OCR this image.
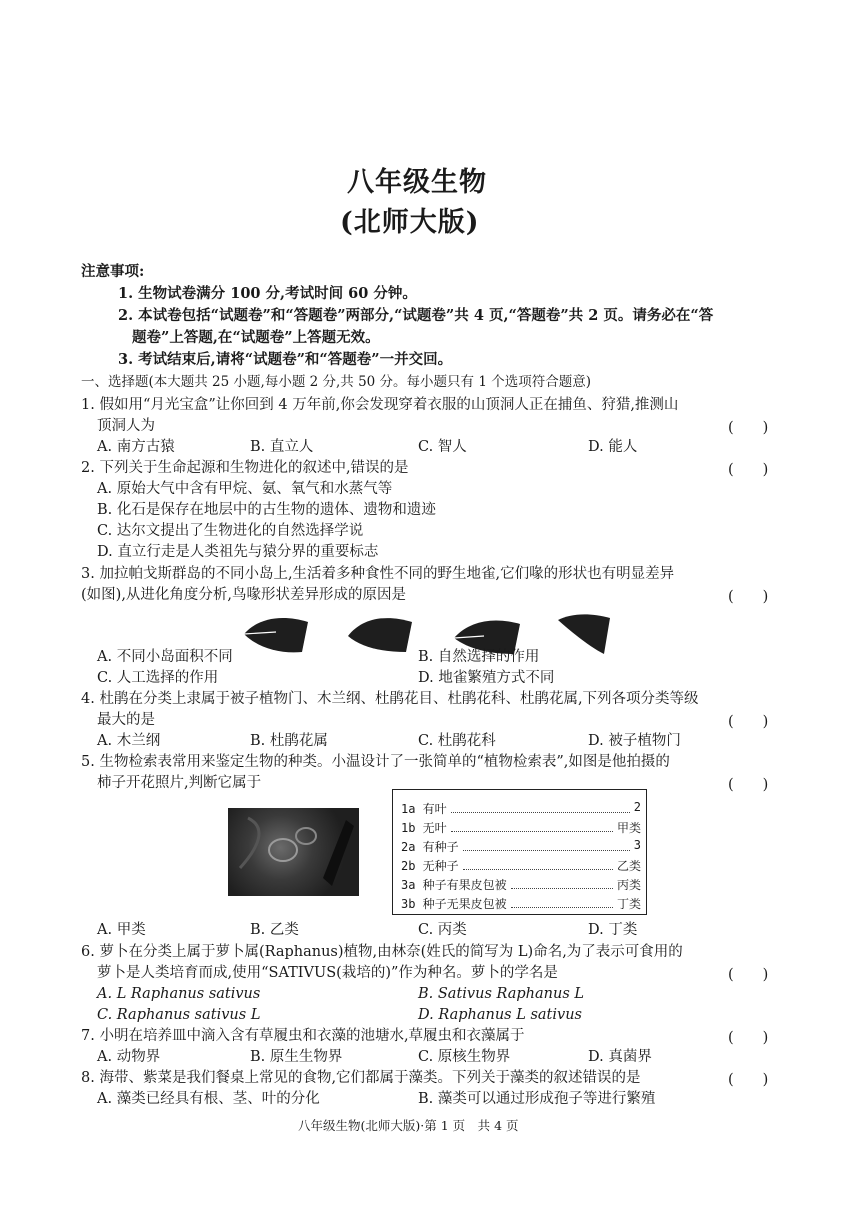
八年级生物
(北师大版)
注意事项:
1. 生物试卷满分 100 分,考试时间 60 分钟。
2. 本试卷包括“试题卷”和“答题卷”两部分,“试题卷”共 4 页,“答题卷”共 2 页。请务必在“答
题卷”上答题,在“试题卷”上答题无效。
3. 考试结束后,请将“试题卷”和“答题卷”一并交回。
一、选择题(本大题共 25 小题,每小题 2 分,共 50 分。每小题只有 1 个选项符合题意)
1. 假如用“月光宝盒”让你回到 4 万年前,你会发现穿着衣服的山顶洞人正在捕鱼、狩猎,推测山
顶洞人为	(　　)
A. 南方古猿	B. 直立人	C. 智人	D. 能人
2. 下列关于生命起源和生物进化的叙述中,错误的是	(　　)
A. 原始大气中含有甲烷、氨、氧气和水蒸气等
B. 化石是保存在地层中的古生物的遗体、遗物和遗迹
C. 达尔文提出了生物进化的自然选择学说
D. 直立行走是人类祖先与猿分界的重要标志
3. 加拉帕戈斯群岛的不同小岛上,生活着多种食性不同的野生地雀,它们喙的形状也有明显差异
(如图),从进化角度分析,鸟喙形状差异形成的原因是	(　　)
A. 不同小岛面积不同	B. 自然选择的作用
C. 人工选择的作用	D. 地雀繁殖方式不同
4. 杜鹃在分类上隶属于被子植物门、木兰纲、杜鹃花目、杜鹃花科、杜鹃花属,下列各项分类等级
最大的是	(　　)
A. 木兰纲	B. 杜鹃花属	C. 杜鹃花科	D. 被子植物门
5. 生物检索表常用来鉴定生物的种类。小温设计了一张简单的“植物检索表”,如图是他拍摄的
柿子开花照片,判断它属于	(　　)
1a 有叶	2
1b 无叶	甲类
2a 有种子	3
2b 无种子	乙类
3a 种子有果皮包被	丙类
3b 种子无果皮包被	丁类
A. 甲类	B. 乙类	C. 丙类	D. 丁类
6. 萝卜在分类上属于萝卜属(Raphanus)植物,由林奈(姓氏的简写为 L)命名,为了表示可食用的
萝卜是人类培育而成,使用“SATIVUS(栽培的)”作为种名。萝卜的学名是	(　　)
A. L Raphanus sativus	B. Sativus Raphanus L
C. Raphanus sativus L	D. Raphanus L sativus
7. 小明在培养皿中滴入含有草履虫和衣藻的池塘水,草履虫和衣藻属于	(　　)
A. 动物界	B. 原生生物界	C. 原核生物界	D. 真菌界
8. 海带、紫菜是我们餐桌上常见的食物,它们都属于藻类。下列关于藻类的叙述错误的是	(　　)
A. 藻类已经具有根、茎、叶的分化	B. 藻类可以通过形成孢子等进行繁殖
八年级生物(北师大版)·第 1 页　共 4 页
